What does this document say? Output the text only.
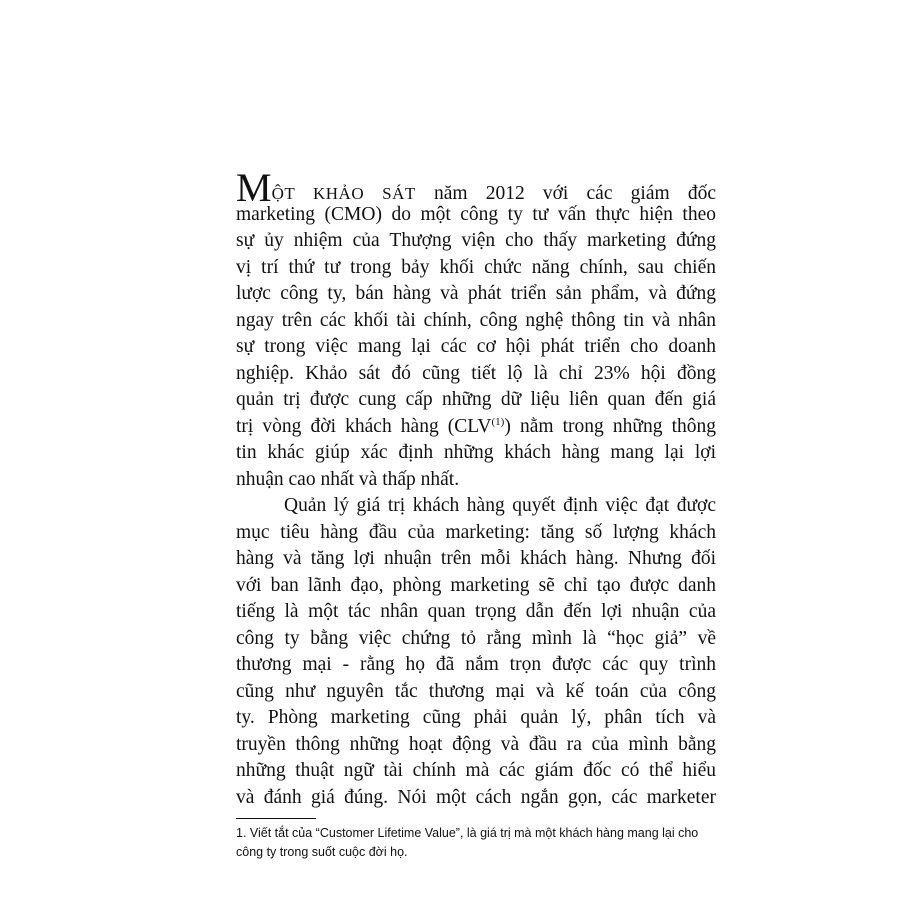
MỘT KHẢO SÁT năm 2012 với các giám đốc
marketing (CMO) do một công ty tư vấn thực hiện theo
sự ủy nhiệm của Thượng viện cho thấy marketing đứng
vị trí thứ tư trong bảy khối chức năng chính, sau chiến
lược công ty, bán hàng và phát triển sản phẩm, và đứng
ngay trên các khối tài chính, công nghệ thông tin và nhân
sự trong việc mang lại các cơ hội phát triển cho doanh
nghiệp. Khảo sát đó cũng tiết lộ là chỉ 23% hội đồng
quản trị được cung cấp những dữ liệu liên quan đến giá
trị vòng đời khách hàng (CLV$^{(1)}$) nằm trong những thông
tin khác giúp xác định những khách hàng mang lại lợi
nhuận cao nhất và thấp nhất.
Quản lý giá trị khách hàng quyết định việc đạt được
mục tiêu hàng đầu của marketing: tăng số lượng khách
hàng và tăng lợi nhuận trên mỗi khách hàng. Nhưng đối
với ban lãnh đạo, phòng marketing sẽ chỉ tạo được danh
tiếng là một tác nhân quan trọng dẫn đến lợi nhuận của
công ty bằng việc chứng tỏ rằng mình là “học giả” về
thương mại - rằng họ đã nắm trọn được các quy trình
cũng như nguyên tắc thương mại và kế toán của công
ty. Phòng marketing cũng phải quản lý, phân tích và
truyền thông những hoạt động và đầu ra của mình bằng
những thuật ngữ tài chính mà các giám đốc có thể hiểu
và đánh giá đúng. Nói một cách ngắn gọn, các marketer
1. Viết tắt của “Customer Lifetime Value”, là giá trị mà một khách hàng mang lại cho
công ty trong suốt cuộc đời họ.
